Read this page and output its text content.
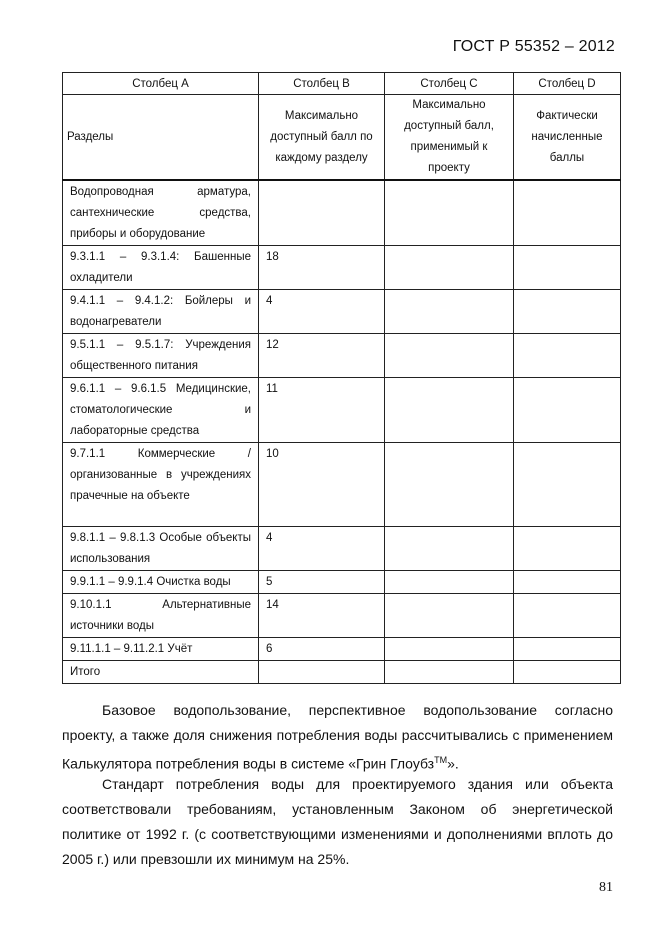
ГОСТ Р 55352 – 2012
Столбец А	Столбец В	Столбец С	Столбец D
Разделы	Максимально доступный балл по каждому разделу	Максимально доступный балл, применимый к проекту	Фактически начисленные баллы
Водопроводная арматура, сантехнические средства, приборы и оборудование			
9.3.1.1 – 9.3.1.4: Башенные охладители	18		
9.4.1.1 – 9.4.1.2: Бойлеры и водонагреватели	4		
9.5.1.1 – 9.5.1.7: Учреждения общественного питания	12		
9.6.1.1 – 9.6.1.5 Медицинские, стоматологические и лабораторные средства	11		
9.7.1.1 Коммерческие / организованные в учреждениях прачечные на объекте	10		
9.8.1.1 – 9.8.1.3 Особые объекты использования	4		
9.9.1.1 – 9.9.1.4 Очистка воды	5		
9.10.1.1 Альтернативные источники воды	14		
9.11.1.1 – 9.11.2.1 Учёт	6		
Итого			

Базовое водопользование, перспективное водопользование согласно проекту, а также доля снижения потребления воды рассчитывались с применением Калькулятора потребления воды в системе «Грин Глоубз™».

Стандарт потребления воды для проектируемого здания или объекта соответствовали требованиям, установленным Законом об энергетической политике от 1992 г. (с соответствующими изменениями и дополнениями вплоть до 2005 г.) или превзошли их минимум на 25%.

81
